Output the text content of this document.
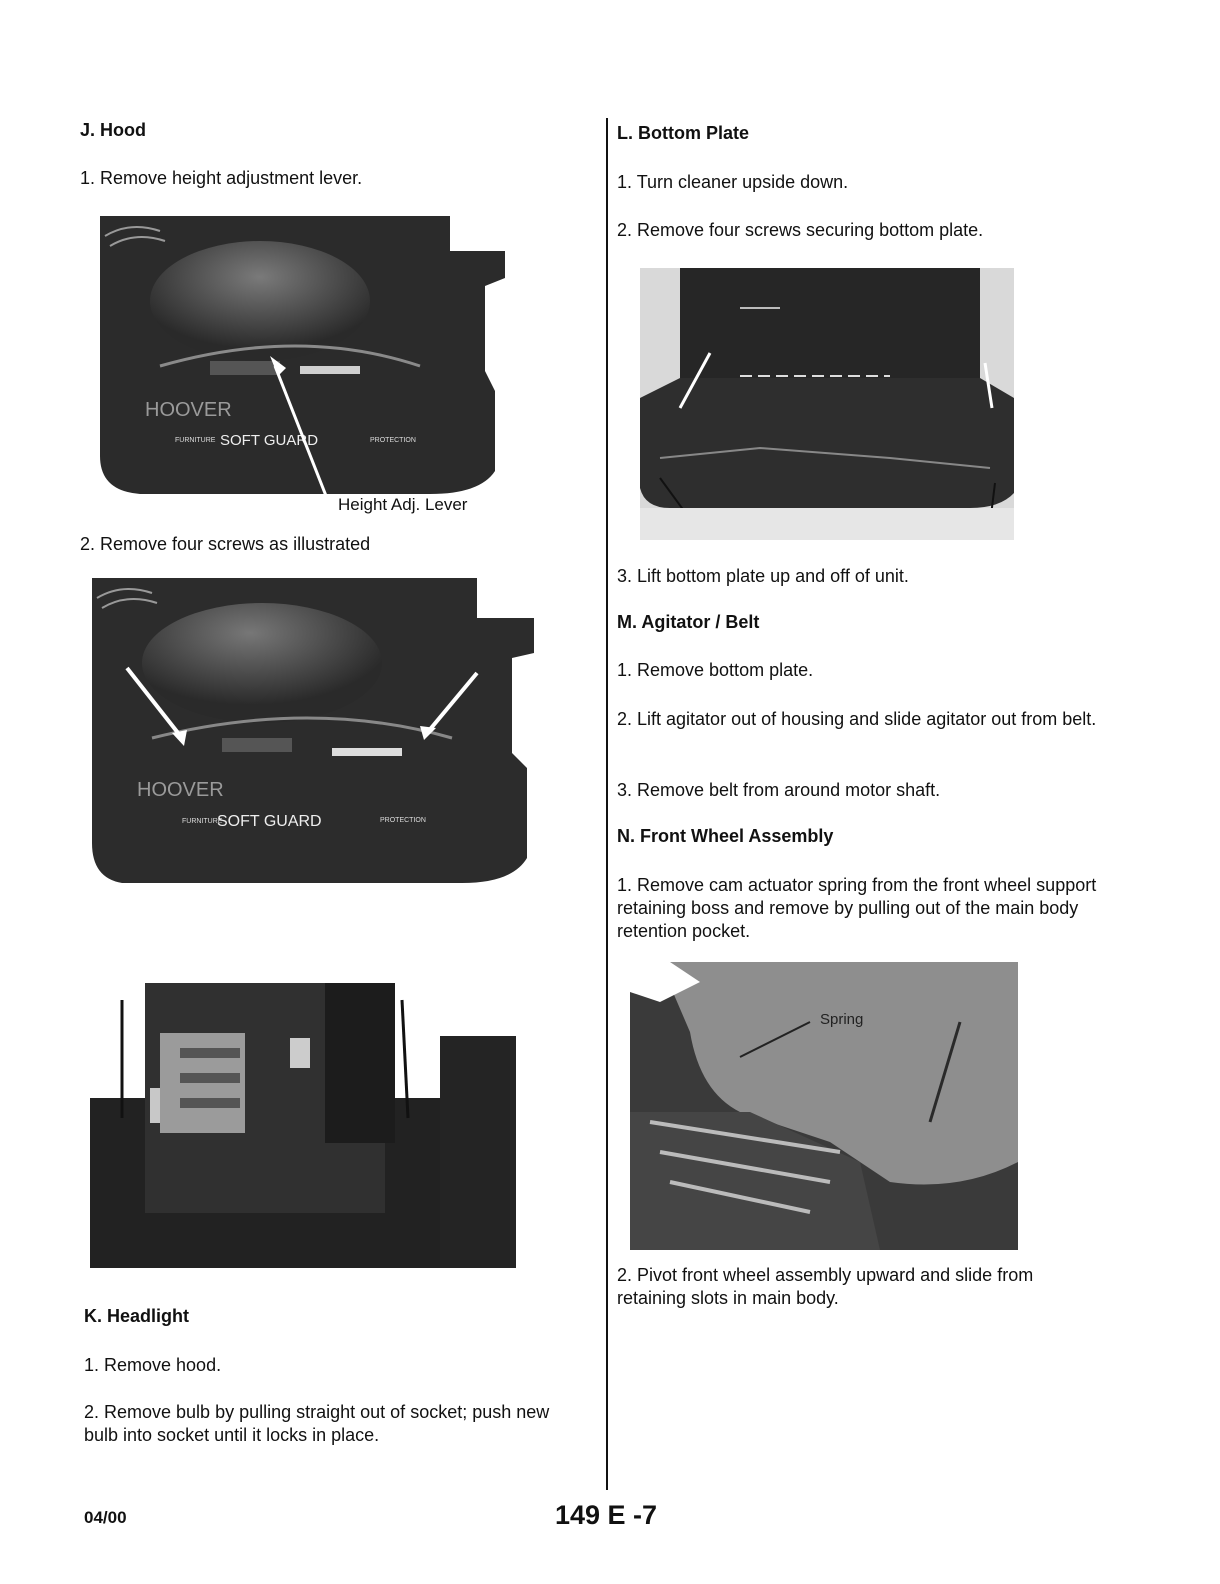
J. Hood
1. Remove height adjustment lever.
HOOVER
FURNITURE SOFT GUARD	PROTECTION
Height Adj. Lever
2. Remove four screws as illustrated
HOOVER
FURNITURE
SOFT GUARD	PROTECTION
K. Headlight
1. Remove hood.
2. Remove bulb by pulling straight out of socket; push new bulb into socket until it locks in place.
L. Bottom Plate
1. Turn cleaner upside down.
2. Remove four screws securing bottom plate.
3. Lift bottom plate up and off of unit.
M. Agitator / Belt
1. Remove bottom plate.
2. Lift agitator out of housing and slide agitator out from belt.
3. Remove belt from around motor shaft.
N. Front Wheel Assembly
1. Remove cam actuator spring from the front wheel support retaining boss and remove by pulling out of the main body retention pocket.
Spring
2. Pivot front wheel assembly upward and slide from retaining slots in main body.
04/00	149 E -7
